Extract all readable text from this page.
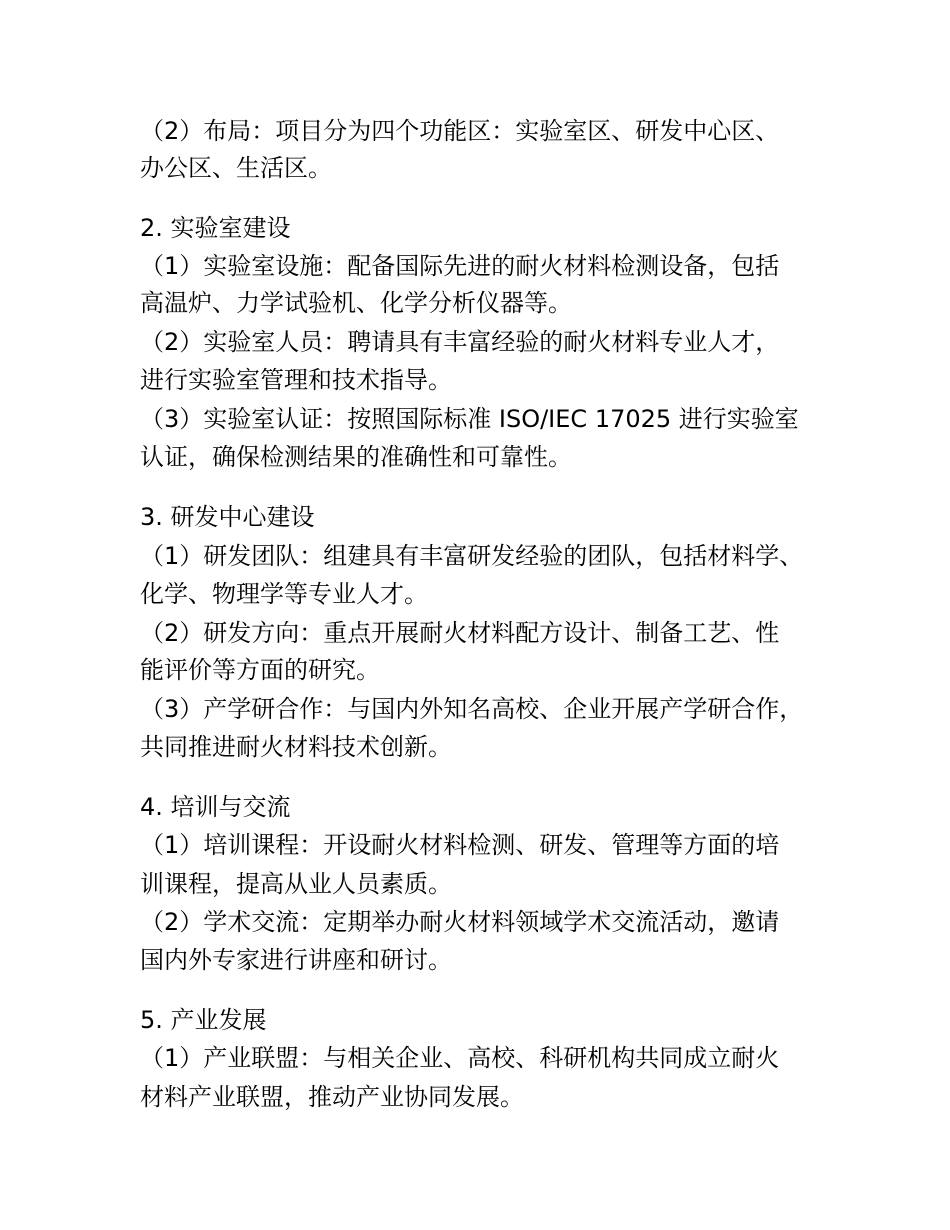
（2）布局：项目分为四个功能区：实验室区、研发中心区、
办公区、生活区。
2. 实验室建设
（1）实验室设施：配备国际先进的耐火材料检测设备，包括
高温炉、力学试验机、化学分析仪器等。
（2）实验室人员：聘请具有丰富经验的耐火材料专业人才，
进行实验室管理和技术指导。
（3）实验室认证：按照国际标准 ISO/IEC 17025 进行实验室
认证，确保检测结果的准确性和可靠性。
3. 研发中心建设
（1）研发团队：组建具有丰富研发经验的团队，包括材料学、
化学、物理学等专业人才。
（2）研发方向：重点开展耐火材料配方设计、制备工艺、性
能评价等方面的研究。
（3）产学研合作：与国内外知名高校、企业开展产学研合作，
共同推进耐火材料技术创新。
4. 培训与交流
（1）培训课程：开设耐火材料检测、研发、管理等方面的培
训课程，提高从业人员素质。
（2）学术交流：定期举办耐火材料领域学术交流活动，邀请
国内外专家进行讲座和研讨。
5. 产业发展
（1）产业联盟：与相关企业、高校、科研机构共同成立耐火
材料产业联盟，推动产业协同发展。
